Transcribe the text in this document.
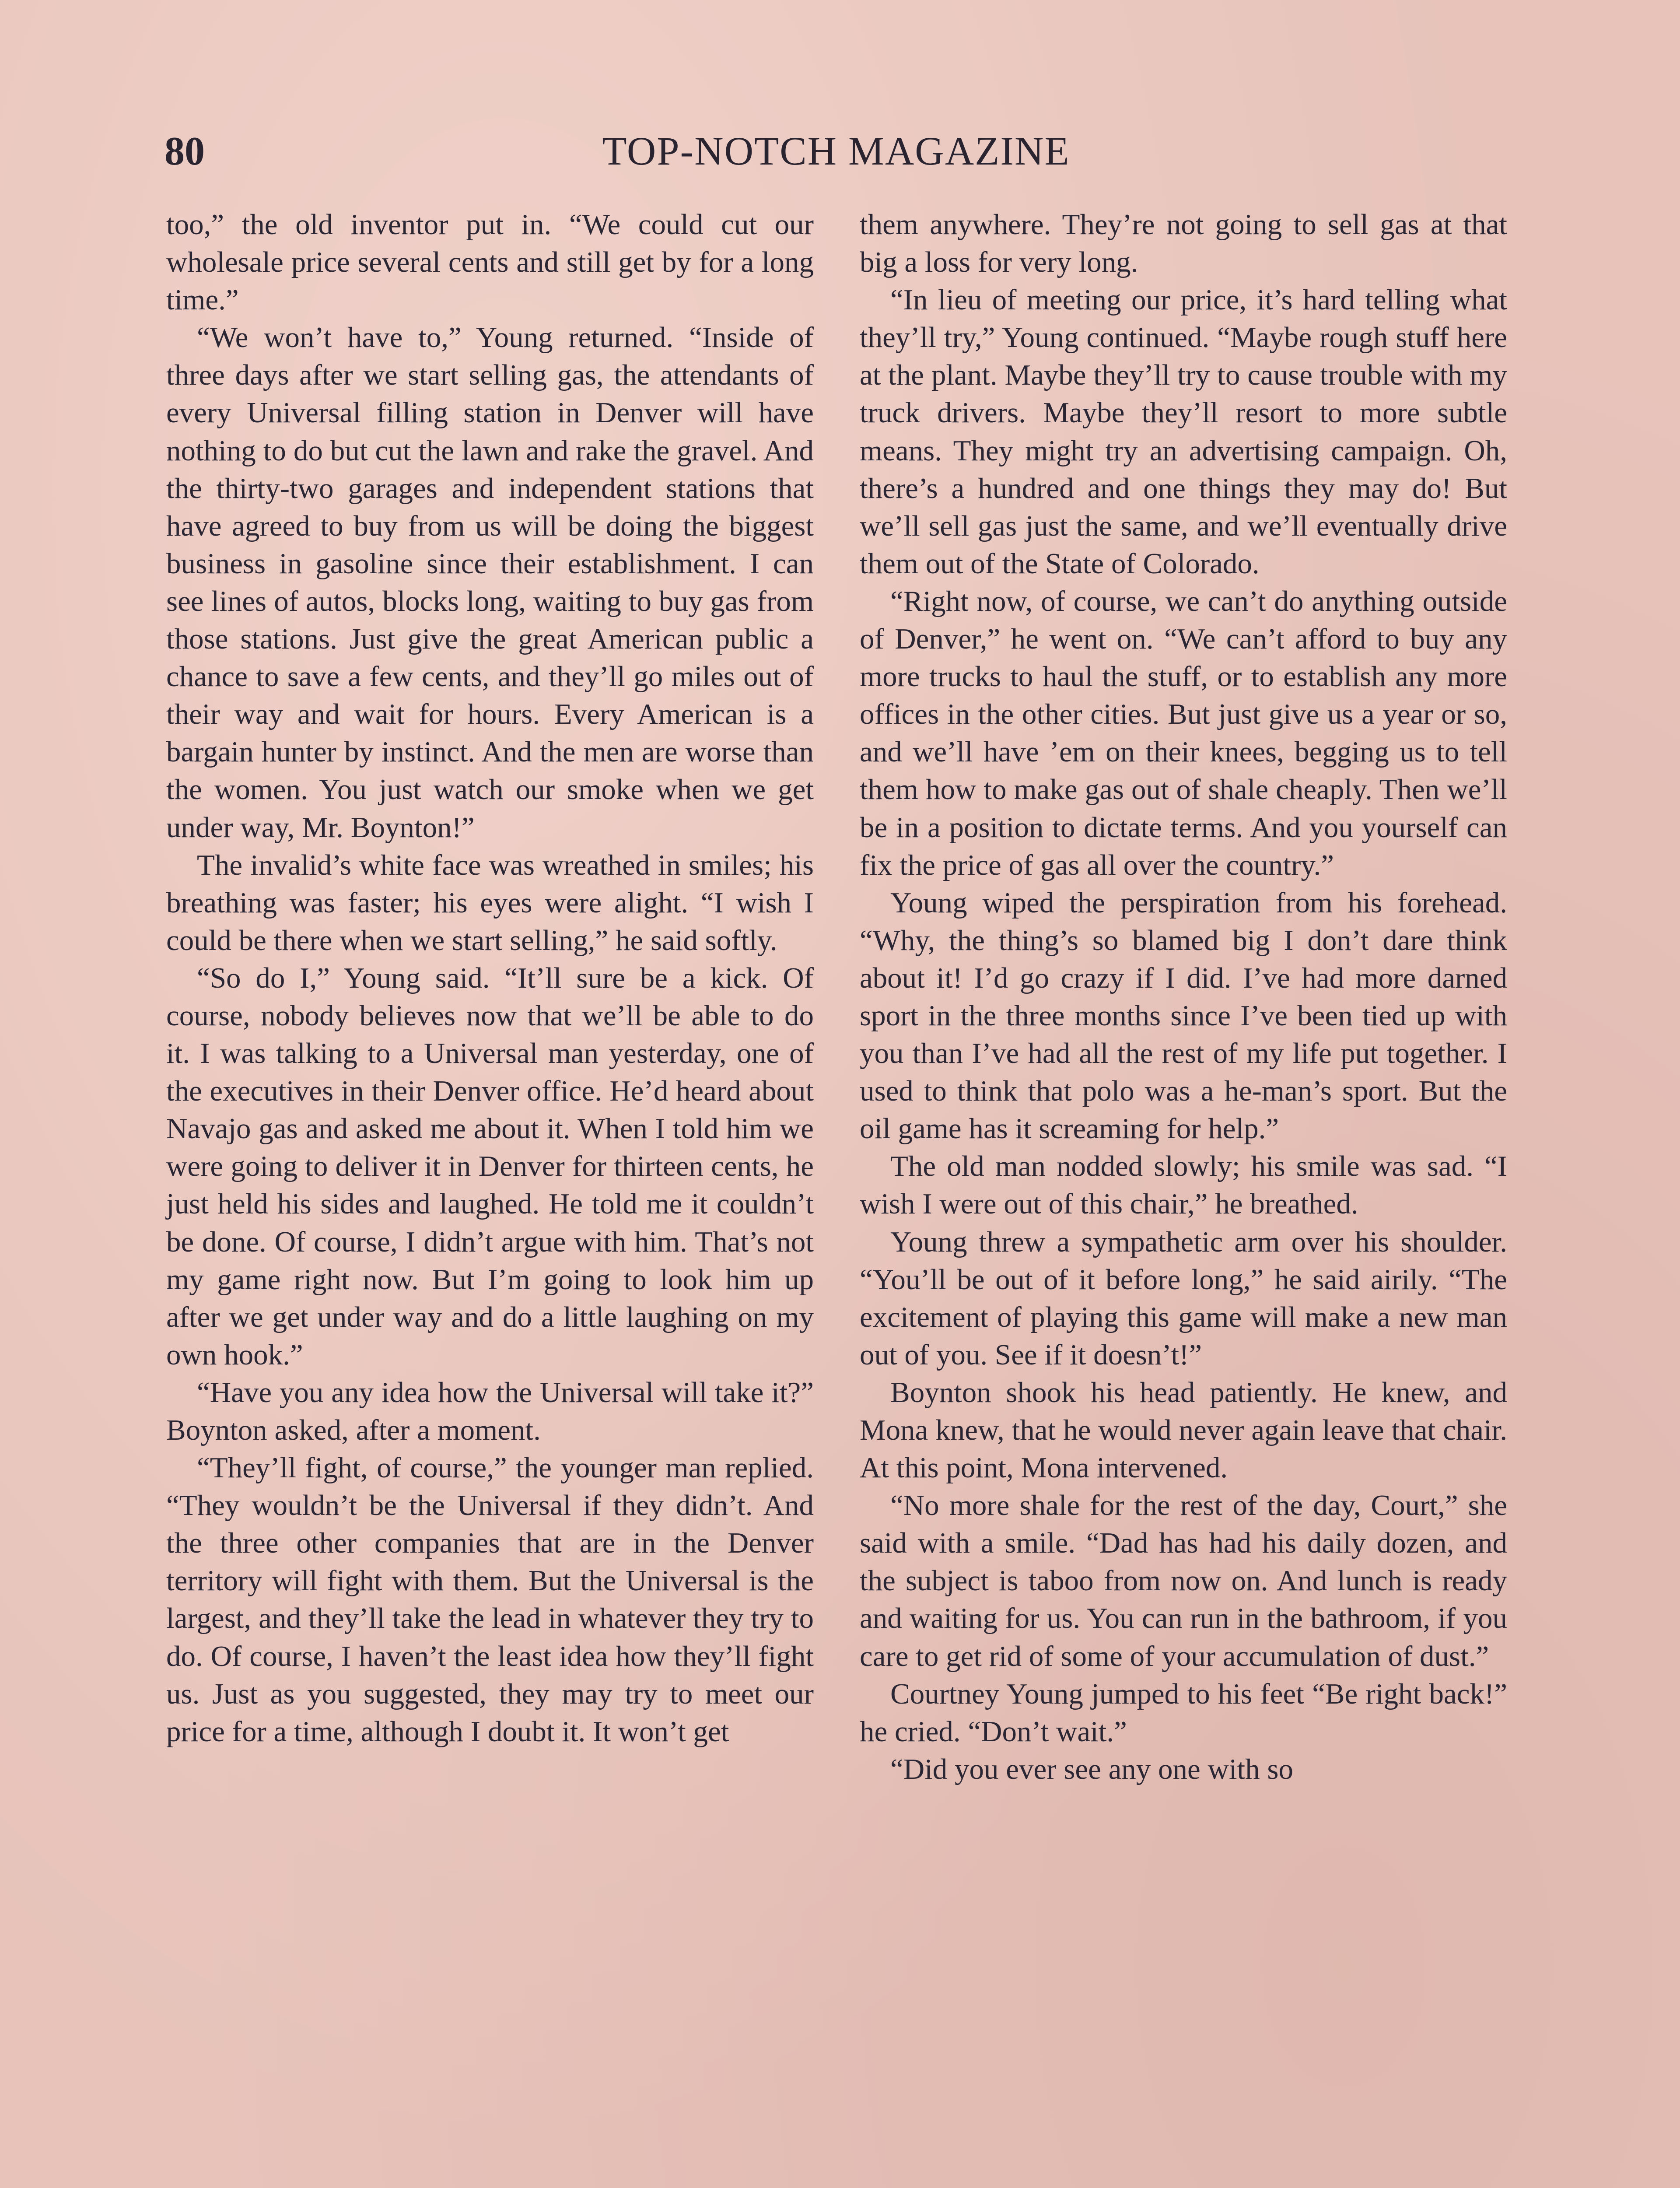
80	TOP-NOTCH MAGAZINE

too,” the old inventor put in. “We could cut our wholesale price several cents and still get by for a long time.”

“We won’t have to,” Young returned. “Inside of three days after we start selling gas, the attendants of every Universal filling station in Denver will have nothing to do but cut the lawn and rake the gravel. And the thirty-two garages and independent stations that have agreed to buy from us will be doing the biggest business in gasoline since their establishment. I can see lines of autos, blocks long, waiting to buy gas from those stations. Just give the great American public a chance to save a few cents, and they’ll go miles out of their way and wait for hours. Every American is a bargain hunter by instinct. And the men are worse than the women. You just watch our smoke when we get under way, Mr. Boynton!”

The invalid’s white face was wreathed in smiles; his breathing was faster; his eyes were alight. “I wish I could be there when we start selling,” he said softly.

“So do I,” Young said. “It’ll sure be a kick. Of course, nobody believes now that we’ll be able to do it. I was talking to a Universal man yesterday, one of the executives in their Denver office. He’d heard about Navajo gas and asked me about it. When I told him we were going to deliver it in Denver for thirteen cents, he just held his sides and laughed. He told me it couldn’t be done. Of course, I didn’t argue with him. That’s not my game right now. But I’m going to look him up after we get under way and do a little laughing on my own hook.”

“Have you any idea how the Universal will take it?” Boynton asked, after a moment.

“They’ll fight, of course,” the younger man replied. “They wouldn’t be the Universal if they didn’t. And the three other companies that are in the Denver territory will fight with them. But the Universal is the largest, and they’ll take the lead in whatever they try to do. Of course, I haven’t the least idea how they’ll fight us. Just as you suggested, they may try to meet our price for a time, although I doubt it. It won’t get

them anywhere. They’re not going to sell gas at that big a loss for very long.

“In lieu of meeting our price, it’s hard telling what they’ll try,” Young continued. “Maybe rough stuff here at the plant. Maybe they’ll try to cause trouble with my truck drivers. Maybe they’ll resort to more subtle means. They might try an advertising campaign. Oh, there’s a hundred and one things they may do! But we’ll sell gas just the same, and we’ll eventually drive them out of the State of Colorado.

“Right now, of course, we can’t do anything outside of Denver,” he went on. “We can’t afford to buy any more trucks to haul the stuff, or to establish any more offices in the other cities. But just give us a year or so, and we’ll have ’em on their knees, begging us to tell them how to make gas out of shale cheaply. Then we’ll be in a position to dictate terms. And you yourself can fix the price of gas all over the country.”

Young wiped the perspiration from his forehead. “Why, the thing’s so blamed big I don’t dare think about it! I’d go crazy if I did. I’ve had more darned sport in the three months since I’ve been tied up with you than I’ve had all the rest of my life put together. I used to think that polo was a he-man’s sport. But the oil game has it screaming for help.”

The old man nodded slowly; his smile was sad. “I wish I were out of this chair,” he breathed.

Young threw a sympathetic arm over his shoulder. “You’ll be out of it before long,” he said airily. “The excitement of playing this game will make a new man out of you. See if it doesn’t!”

Boynton shook his head patiently. He knew, and Mona knew, that he would never again leave that chair. At this point, Mona intervened.

“No more shale for the rest of the day, Court,” she said with a smile. “Dad has had his daily dozen, and the subject is taboo from now on. And lunch is ready and waiting for us. You can run in the bathroom, if you care to get rid of some of your accumulation of dust.”

Courtney Young jumped to his feet “Be right back!” he cried. “Don’t wait.”

“Did you ever see any one with so
